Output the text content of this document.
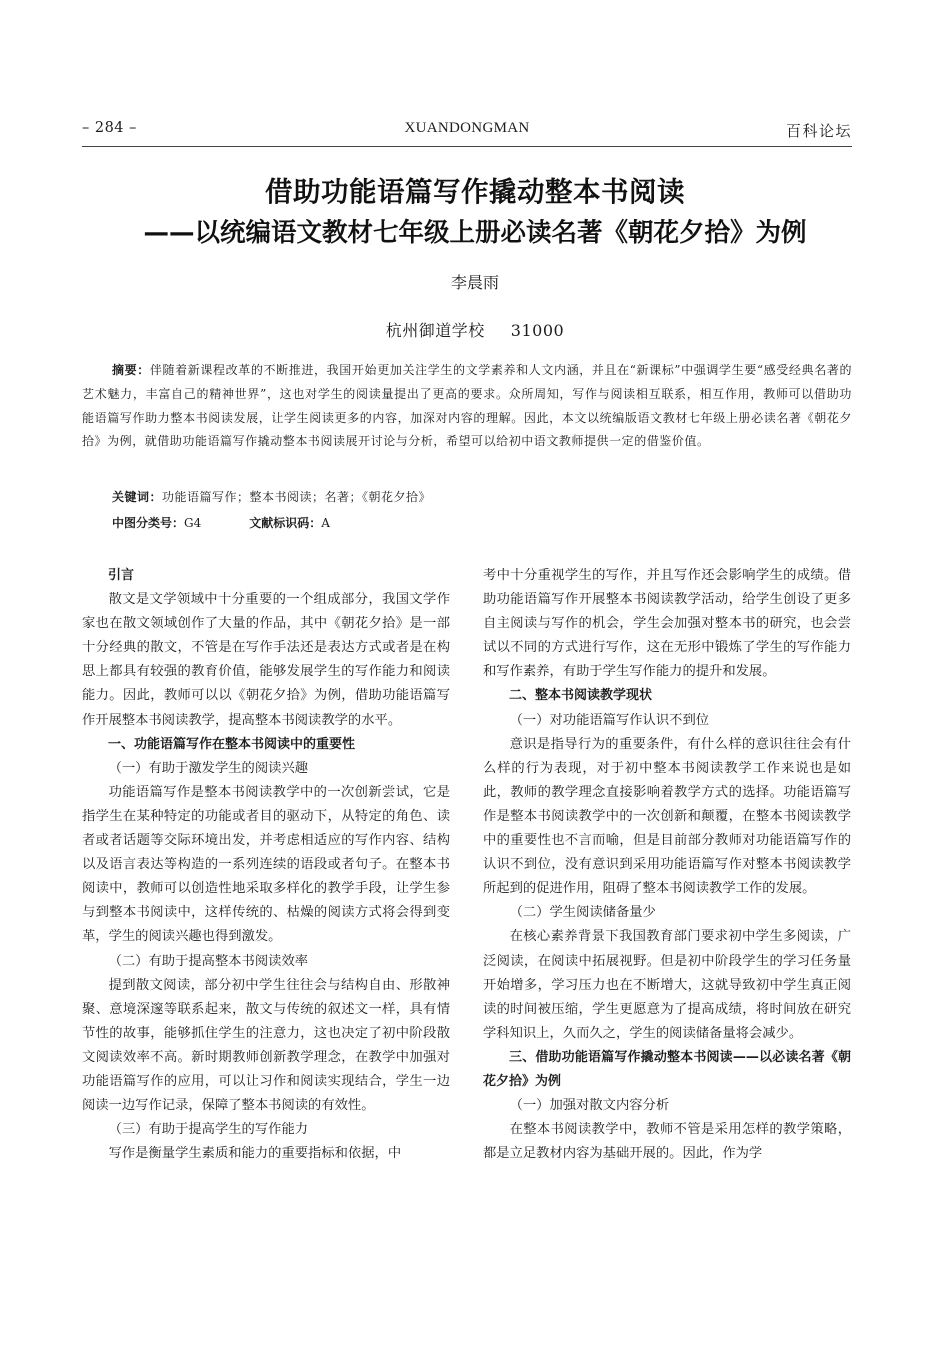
– 284 –	XUANDONGMAN	百科论坛
借助功能语篇写作撬动整本书阅读
——以统编语文教材七年级上册必读名著《朝花夕拾》为例
李晨雨
杭州御道学校 31000
摘要：伴随着新课程改革的不断推进，我国开始更加关注学生的文学素养和人文内涵，并且在“新课标”中强调学生要“感受经典名著的艺术魅力，丰富自己的精神世界”，这也对学生的阅读量提出了更高的要求。众所周知，写作与阅读相互联系，相互作用，教师可以借助功能语篇写作助力整本书阅读发展，让学生阅读更多的内容，加深对内容的理解。因此，本文以统编版语文教材七年级上册必读名著《朝花夕拾》为例，就借助功能语篇写作撬动整本书阅读展开讨论与分析，希望可以给初中语文教师提供一定的借鉴价值。
关键词：功能语篇写作；整本书阅读；名著；《朝花夕拾》
中图分类号：G4	文献标识码：A

引言

散文是文学领域中十分重要的一个组成部分，我国文学作家也在散文领域创作了大量的作品，其中《朝花夕拾》是一部十分经典的散文，不管是在写作手法还是表达方式或者是在构思上都具有较强的教育价值，能够发展学生的写作能力和阅读能力。因此，教师可以以《朝花夕拾》为例，借助功能语篇写作开展整本书阅读教学，提高整本书阅读教学的水平。

一、功能语篇写作在整本书阅读中的重要性

（一）有助于激发学生的阅读兴趣

功能语篇写作是整本书阅读教学中的一次创新尝试，它是指学生在某种特定的功能或者目的驱动下，从特定的角色、读者或者话题等交际环境出发，并考虑相适应的写作内容、结构以及语言表达等构造的一系列连续的语段或者句子。在整本书阅读中，教师可以创造性地采取多样化的教学手段，让学生参与到整本书阅读中，这样传统的、枯燥的阅读方式将会得到变革，学生的阅读兴趣也得到激发。

（二）有助于提高整本书阅读效率

提到散文阅读，部分初中学生往往会与结构自由、形散神聚、意境深邃等联系起来，散文与传统的叙述文一样，具有情节性的故事，能够抓住学生的注意力，这也决定了初中阶段散文阅读效率不高。新时期教师创新教学理念，在教学中加强对功能语篇写作的应用，可以让习作和阅读实现结合，学生一边阅读一边写作记录，保障了整本书阅读的有效性。

（三）有助于提高学生的写作能力

写作是衡量学生素质和能力的重要指标和依据，中

考中十分重视学生的写作，并且写作还会影响学生的成绩。借助功能语篇写作开展整本书阅读教学活动，给学生创设了更多自主阅读与写作的机会，学生会加强对整本书的研究，也会尝试以不同的方式进行写作，这在无形中锻炼了学生的写作能力和写作素养，有助于学生写作能力的提升和发展。

二、整本书阅读教学现状

（一）对功能语篇写作认识不到位

意识是指导行为的重要条件，有什么样的意识往往会有什么样的行为表现，对于初中整本书阅读教学工作来说也是如此，教师的教学理念直接影响着教学方式的选择。功能语篇写作是整本书阅读教学中的一次创新和颠覆，在整本书阅读教学中的重要性也不言而喻，但是目前部分教师对功能语篇写作的认识不到位，没有意识到采用功能语篇写作对整本书阅读教学所起到的促进作用，阻碍了整本书阅读教学工作的发展。

（二）学生阅读储备量少

在核心素养背景下我国教育部门要求初中学生多阅读，广泛阅读，在阅读中拓展视野。但是初中阶段学生的学习任务量开始增多，学习压力也在不断增大，这就导致初中学生真正阅读的时间被压缩，学生更愿意为了提高成绩，将时间放在研究学科知识上，久而久之，学生的阅读储备量将会减少。

三、借助功能语篇写作撬动整本书阅读——以必读名著《朝花夕拾》为例

（一）加强对散文内容分析

在整本书阅读教学中，教师不管是采用怎样的教学策略，都是立足教材内容为基础开展的。因此，作为学
